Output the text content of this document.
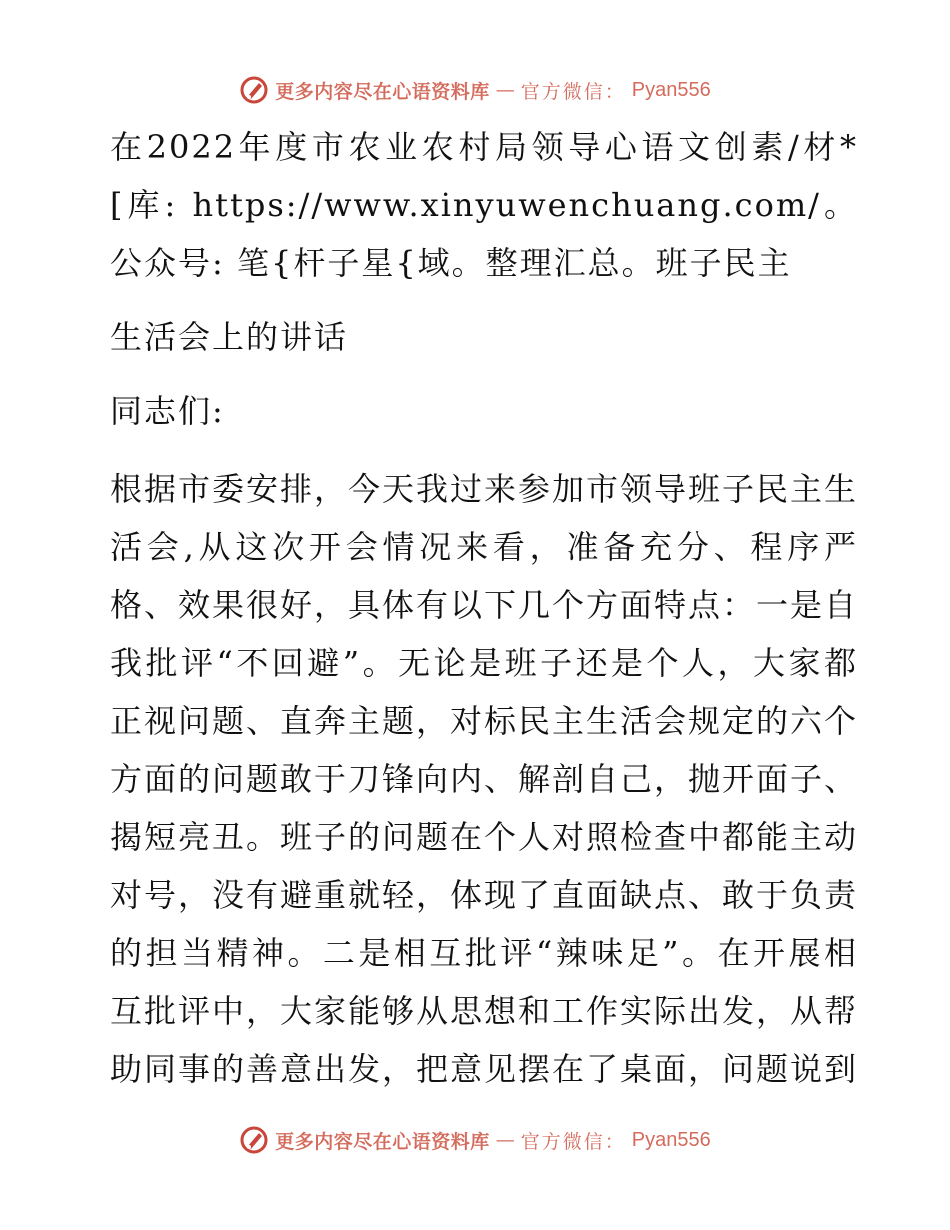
更多内容尽在心语资料库 — 官方微信： Pyan556

在2022年度市农业农村局领导心语文创素/材*[库: https://www.xinyuwenchuang.com/。公众号: 笔{杆子星{域。整理汇总。班子民主

生活会上的讲话

同志们:

根据市委安排，今天我过来参加市领导班子民主生活会,从这次开会情况来看，准备充分、程序严格、效果很好，具体有以下几个方面特点：一是自我批评“不回避”。无论是班子还是个人，大家都正视问题、直奔主题，对标民主生活会规定的六个方面的问题敢于刀锋向内、解剖自己，抛开面子、揭短亮丑。班子的问题在个人对照检查中都能主动对号，没有避重就轻，体现了直面缺点、敢于负责的担当精神。二是相互批评“辣味足”。在开展相互批评中，大家能够从思想和工作实际出发，从帮助同事的善意出发，把意见摆在了桌面，问题说到

更多内容尽在心语资料库 — 官方微信： Pyan556
